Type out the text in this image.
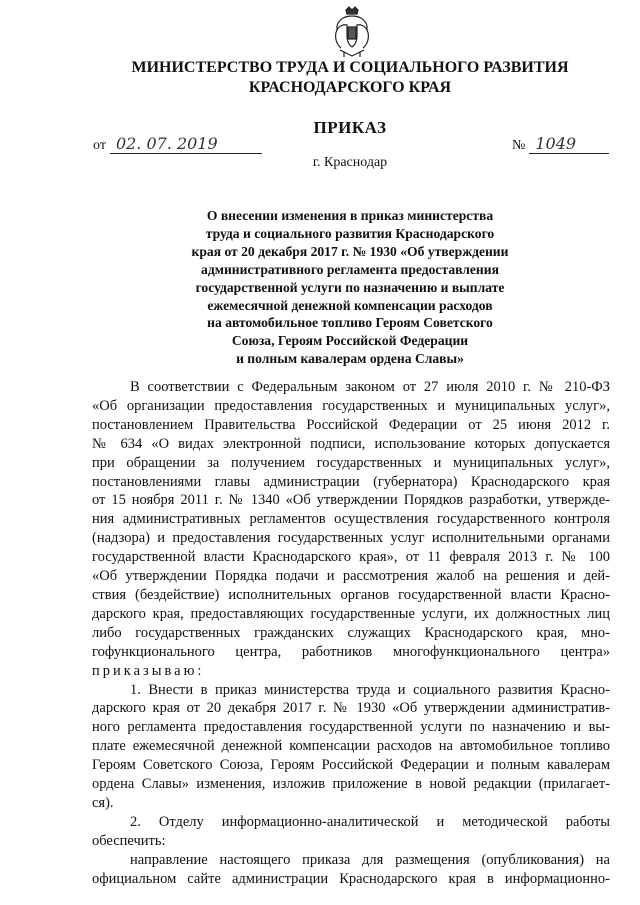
МИНИСТЕРСТВО ТРУДА И СОЦИАЛЬНОГО РАЗВИТИЯ
КРАСНОДАРСКОГО КРАЯ
ПРИКАЗ
от 02. 07. 2019	№ 1049
г. Краснодар
О внесении изменения в приказ министерства
труда и социального развития Краснодарского
края от 20 декабря 2017 г. № 1930 «Об утверждении
административного регламента предоставления
государственной услуги по назначению и выплате
ежемесячной денежной компенсации расходов
на автомобильное топливо Героям Советского
Союза, Героям Российской Федерации
и полным кавалерам ордена Славы»
В соответствии с Федеральным законом от 27 июля 2010 г. № 210-ФЗ
«Об организации предоставления государственных и муниципальных услуг»,
постановлением Правительства Российской Федерации от 25 июня 2012 г.
№ 634 «О видах электронной подписи, использование которых допускается
при обращении за получением государственных и муниципальных услуг»,
постановлениями главы администрации (губернатора) Краснодарского края
от 15 ноября 2011 г. № 1340 «Об утверждении Порядков разработки, утвержде-
ния административных регламентов осуществления государственного контроля
(надзора) и предоставления государственных услуг исполнительными органами
государственной власти Краснодарского края», от 11 февраля 2013 г. № 100
«Об утверждении Порядка подачи и рассмотрения жалоб на решения и дей-
ствия (бездействие) исполнительных органов государственной власти Красно-
дарского края, предоставляющих государственные услуги, их должностных лиц
либо государственных гражданских служащих Краснодарского края, мно-
гофункционального центра, работников многофункционального центра»
приказываю:
1. Внести в приказ министерства труда и социального развития Красно-
дарского края от 20 декабря 2017 г. № 1930 «Об утверждении административ-
ного регламента предоставления государственной услуги по назначению и вы-
плате ежемесячной денежной компенсации расходов на автомобильное топливо
Героям Советского Союза, Героям Российской Федерации и полным кавалерам
ордена Славы» изменения, изложив приложение в новой редакции (прилагает-
ся).
2. Отделу информационно-аналитической и методической работы
обеспечить:
направление настоящего приказа для размещения (опубликования) на
официальном сайте администрации Краснодарского края в информационно-
